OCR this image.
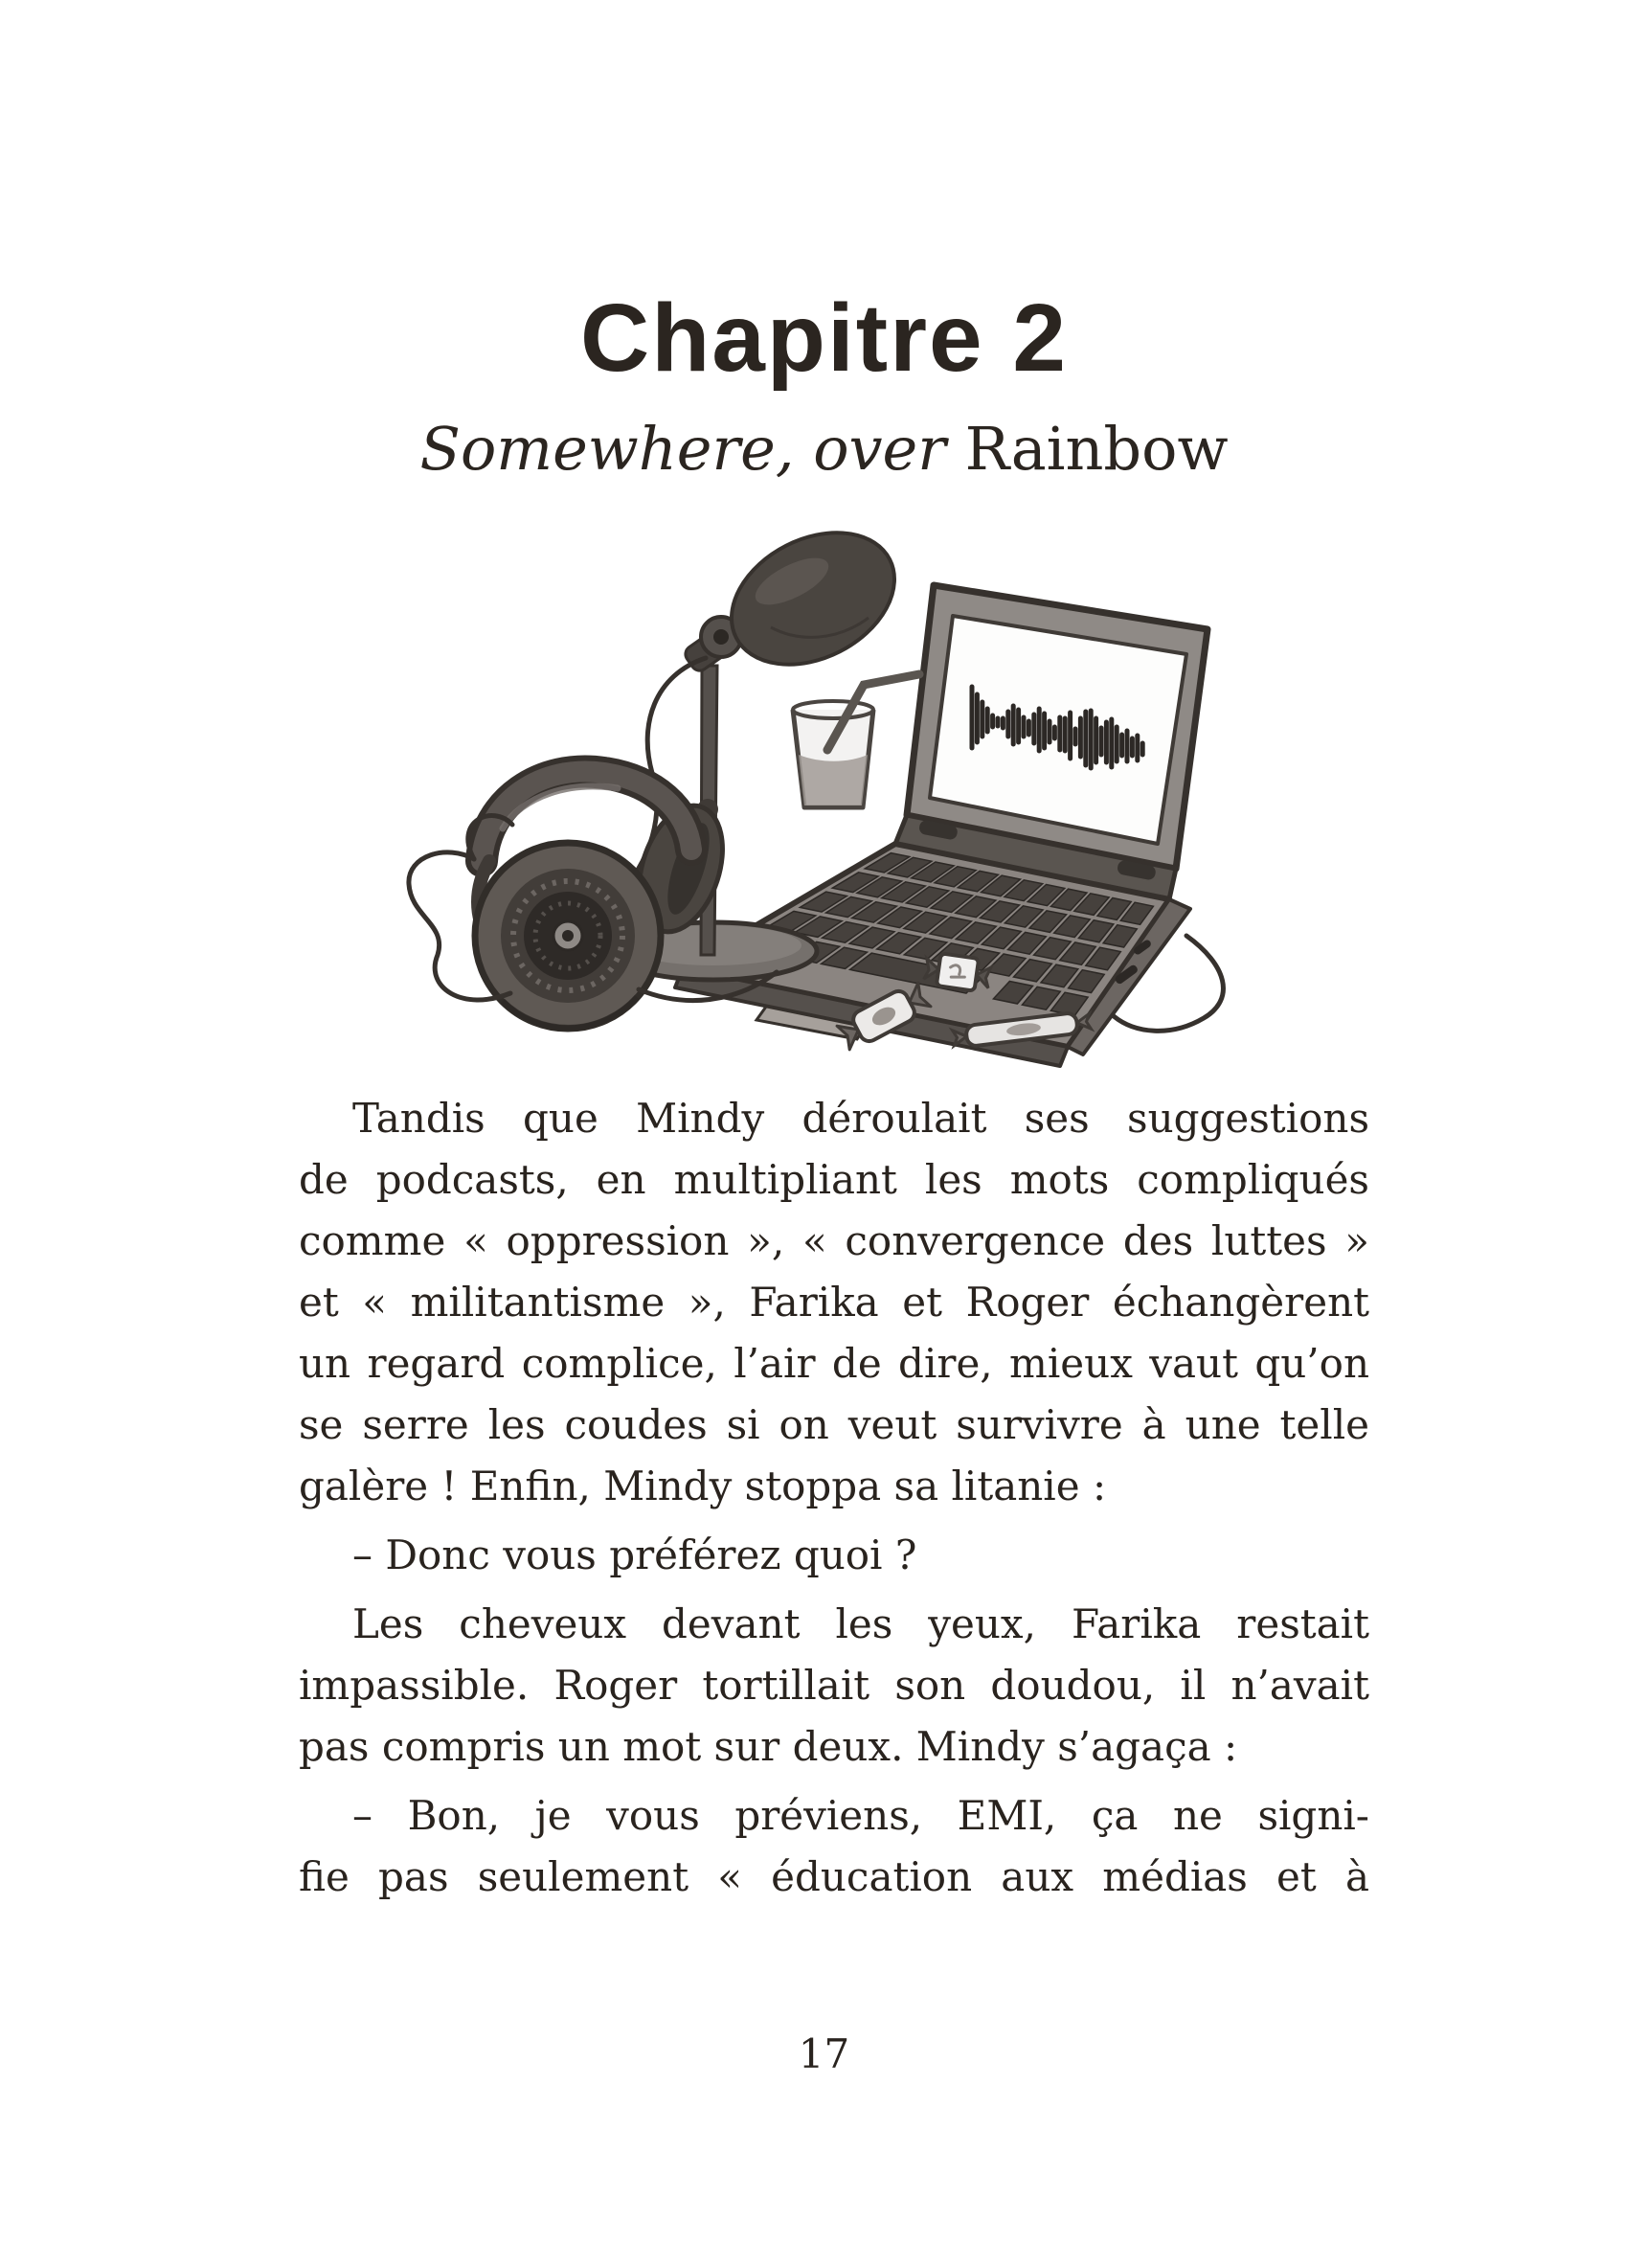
Chapitre 2
Somewhere, over Rainbow
Tandis que Mindy déroulait ses suggestions
de podcasts, en multipliant les mots compliqués
comme « oppression », « convergence des luttes »
et « militantisme », Farika et Roger échangèrent
un regard complice, l’air de dire, mieux vaut qu’on
se serre les coudes si on veut survivre à une telle
galère ! Enfin, Mindy stoppa sa litanie :
– Donc vous préférez quoi ?
Les cheveux devant les yeux, Farika restait
impassible. Roger tortillait son doudou, il n’avait
pas compris un mot sur deux. Mindy s’agaça :
– Bon, je vous préviens, EMI, ça ne signi-
fie pas seulement « éducation aux médias et à
17
